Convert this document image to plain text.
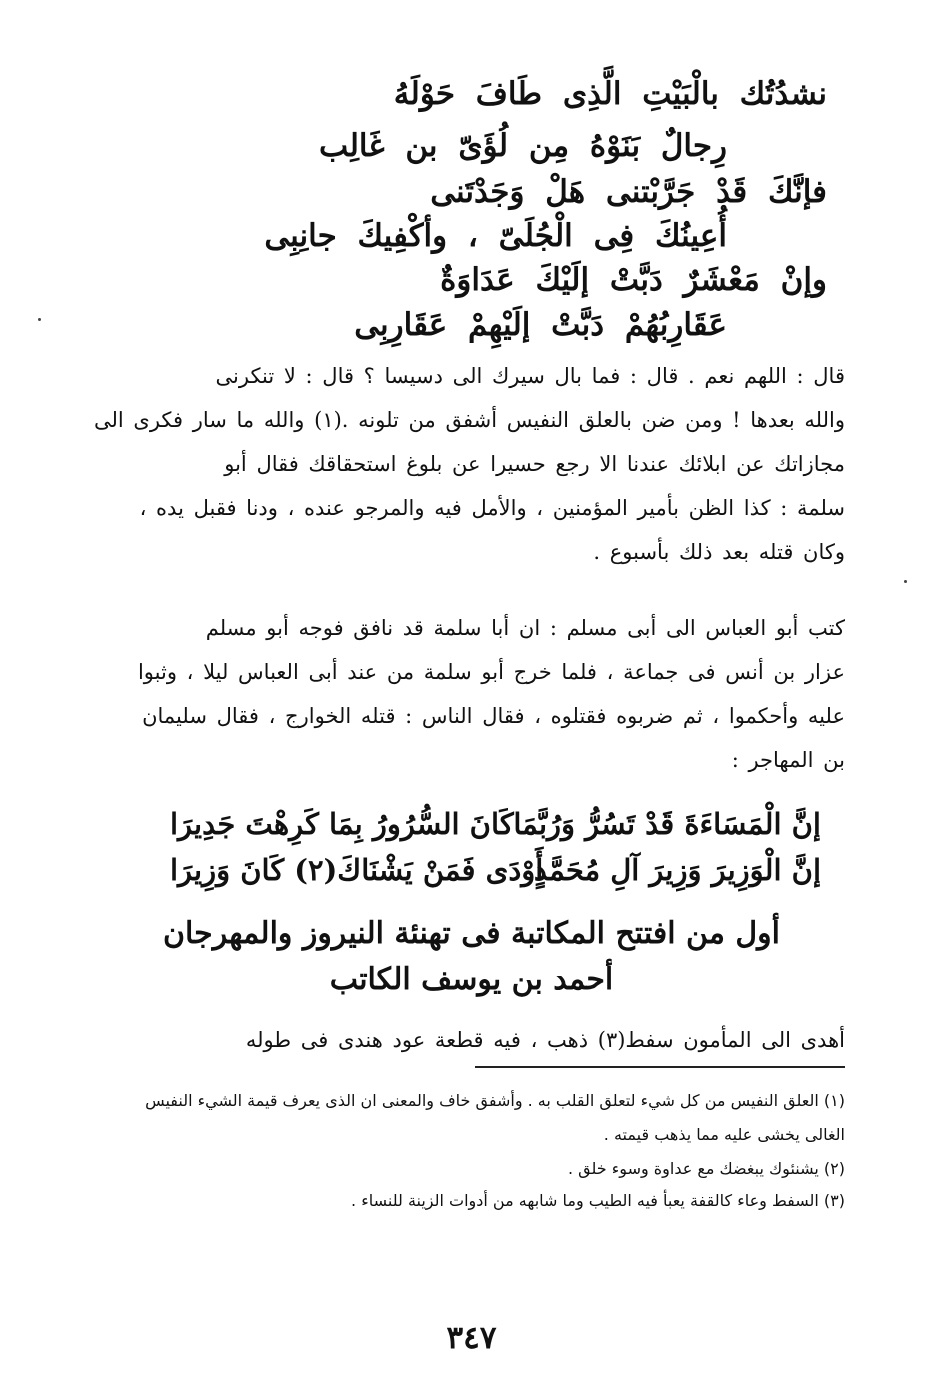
نشدُتُك بالْبَيْتِ الَّذِى طَافَ حَوْلَهُ
رِجالٌ بَنَوْهُ مِن لُؤَىّ بن غَالِب
فإنَّكَ قَدْ جَرَّبْتنى هَلْ وَجَدْتَنى
أُعِينُكَ فِى الْجُلَىّ ، وأكْفِيكَ جانِبِى
وإنْ مَعْشَرٌ دَبَّتْ إلَيْكَ عَدَاوَةٌ
عَقَارِبُهُمْ دَبَّتْ إلَيْهِمْ عَقَارِبِى
قال : اللهم نعم . قال : فما بال سيرك الى دسيسا ؟ قال : لا تنكرنى
والله بعدها ! ومن ضن بالعلق النفيس أشفق من تلونه .(١) والله ما سار فكرى الى
مجازاتك عن ابلائك عندنا الا رجع حسيرا عن بلوغ استحقاقك فقال أبو
سلمة : كذا الظن بأمير المؤمنين ، والأمل فيه والمرجو عنده ، ودنا فقبل يده ،
وكان قتله بعد ذلك بأسبوع .
كتب أبو العباس الى أبى مسلم : ان أبا سلمة قد نافق فوجه أبو مسلم
عزار بن أنس فى جماعة ، فلما خرج أبو سلمة من عند أبى العباس ليلا ، وثبوا
عليه وأحكموا ، ثم ضربوه فقتلوه ، فقال الناس : قتله الخوارج ، فقال سليمان
بن المهاجر :
إنَّ الْمَسَاءَةَ قَدْ تَسُرُّ وَرُبَّمَا
كَانَ السُّرُورُ بِمَا كَرِهْتَ جَدِيرَا
إنَّ الْوَزِيرَ وَزِيرَ آلِ مُحَمَّدٍ
أَوْدَى فَمَنْ يَشْنَاكَ(٢) كَانَ وَزِيرَا
أول من افتتح المكاتبة فى تهنئة النيروز والمهرجان
أحمد بن يوسف الكاتب
أهدى الى المأمون سفط(٣) ذهب ، فيه قطعة عود هندى فى طوله
(١) العلق النفيس من كل شيء لتعلق القلب به . وأشفق خاف والمعنى ان الذى يعرف قيمة الشيء النفيس
الغالى يخشى عليه مما يذهب قيمته .
(٢) يشنئوك يبغضك مع عداوة وسوء خلق .
(٣) السفط وعاء كالقفة يعبأ فيه الطيب وما شابهه من أدوات الزينة للنساء .
٣٤٧
